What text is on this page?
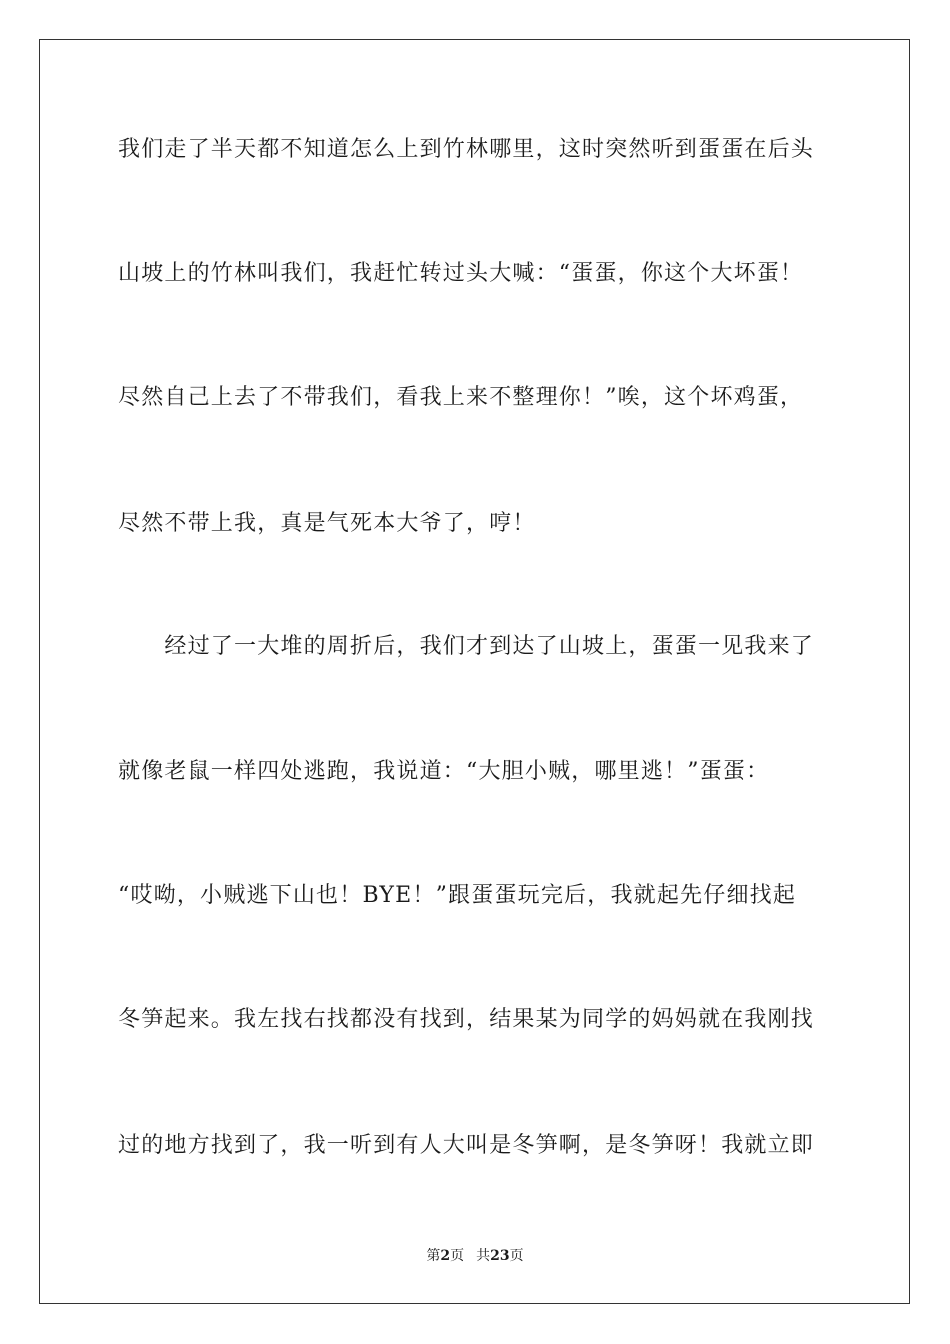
我们走了半天都不知道怎么上到竹林哪里，这时突然听到蛋蛋在后头
山坡上的竹林叫我们，我赶忙转过头大喊：“蛋蛋，你这个大坏蛋！
尽然自己上去了不带我们，看我上来不整理你！”唉，这个坏鸡蛋，
尽然不带上我，真是气死本大爷了，哼！
　　经过了一大堆的周折后，我们才到达了山坡上，蛋蛋一见我来了
就像老鼠一样四处逃跑，我说道：“大胆小贼，哪里逃！”蛋蛋：
“哎呦，小贼逃下山也！BYE！”跟蛋蛋玩完后，我就起先仔细找起
冬笋起来。我左找右找都没有找到，结果某为同学的妈妈就在我刚找
过的地方找到了，我一听到有人大叫是冬笋啊，是冬笋呀！我就立即
第2页 共23页
